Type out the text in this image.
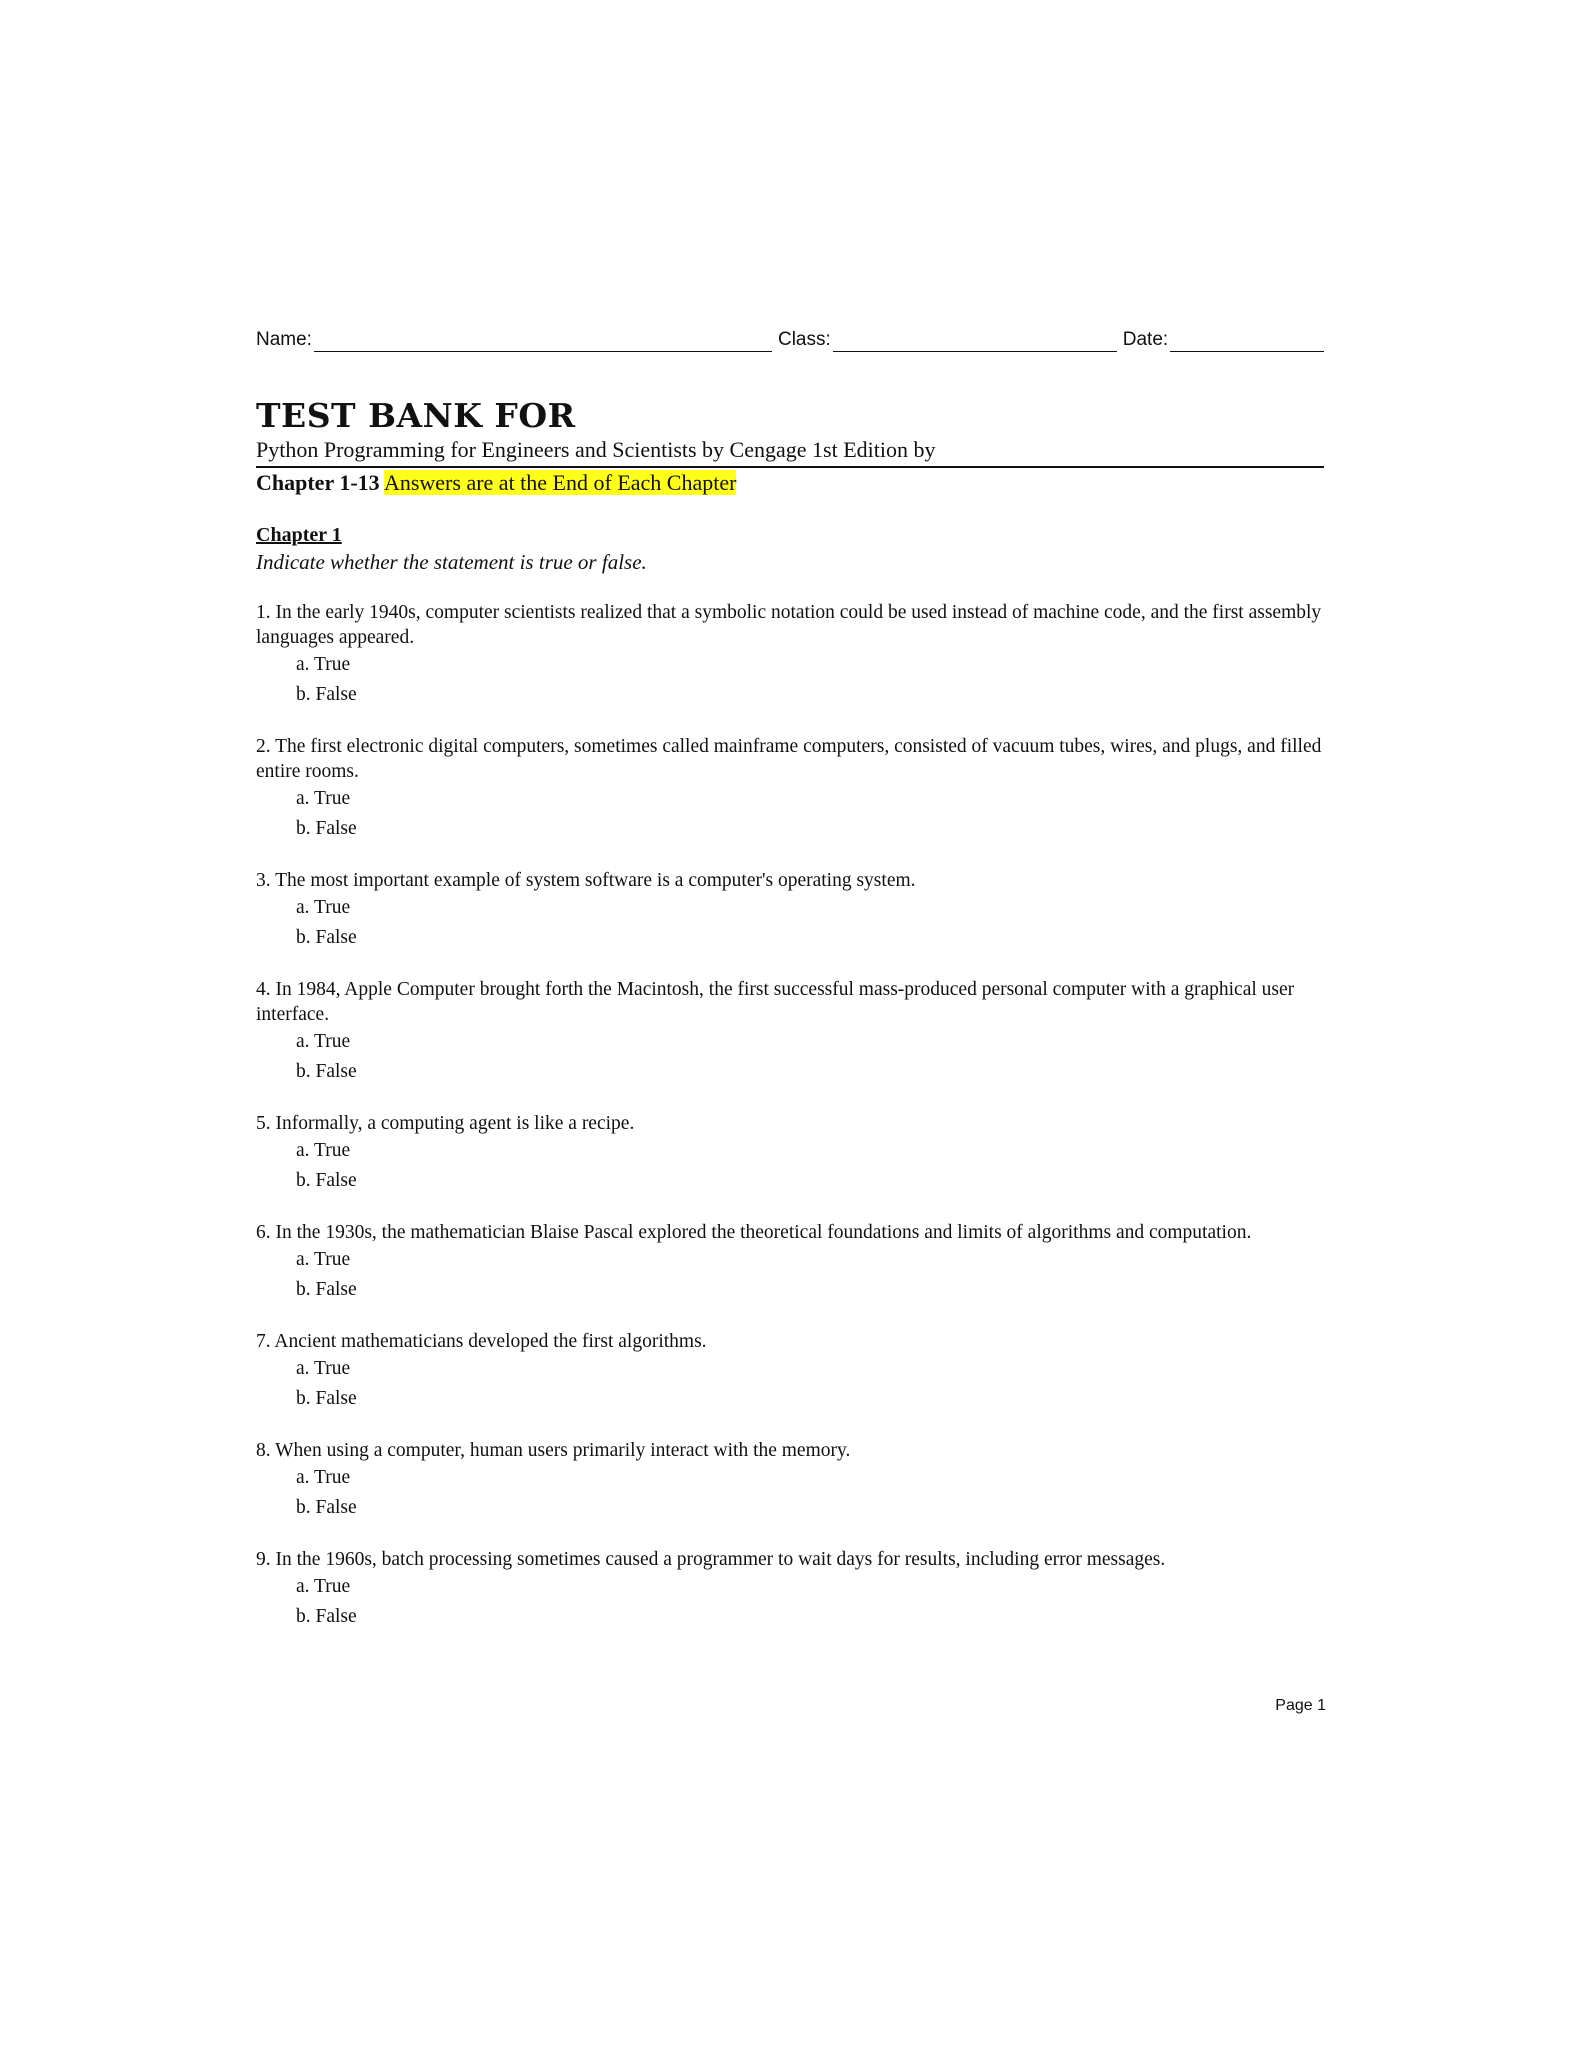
Name:	Class:	Date:
TEST BANK FOR
Python Programming for Engineers and Scientists by Cengage 1st Edition by
Chapter 1-13 Answers are at the End of Each Chapter
Chapter 1
Indicate whether the statement is true or false.
1. In the early 1940s, computer scientists realized that a symbolic notation could be used instead of machine code, and the first assembly languages appeared.
a. True
b. False
2. The first electronic digital computers, sometimes called mainframe computers, consisted of vacuum tubes, wires, and plugs, and filled entire rooms.
a. True
b. False
3. The most important example of system software is a computer's operating system.
a. True
b. False
4. In 1984, Apple Computer brought forth the Macintosh, the first successful mass-produced personal computer with a graphical user interface.
a. True
b. False
5. Informally, a computing agent is like a recipe.
a. True
b. False
6. In the 1930s, the mathematician Blaise Pascal explored the theoretical foundations and limits of algorithms and computation.
a. True
b. False
7. Ancient mathematicians developed the first algorithms.
a. True
b. False
8. When using a computer, human users primarily interact with the memory.
a. True
b. False
9. In the 1960s, batch processing sometimes caused a programmer to wait days for results, including error messages.
a. True
b. False
Page 1
